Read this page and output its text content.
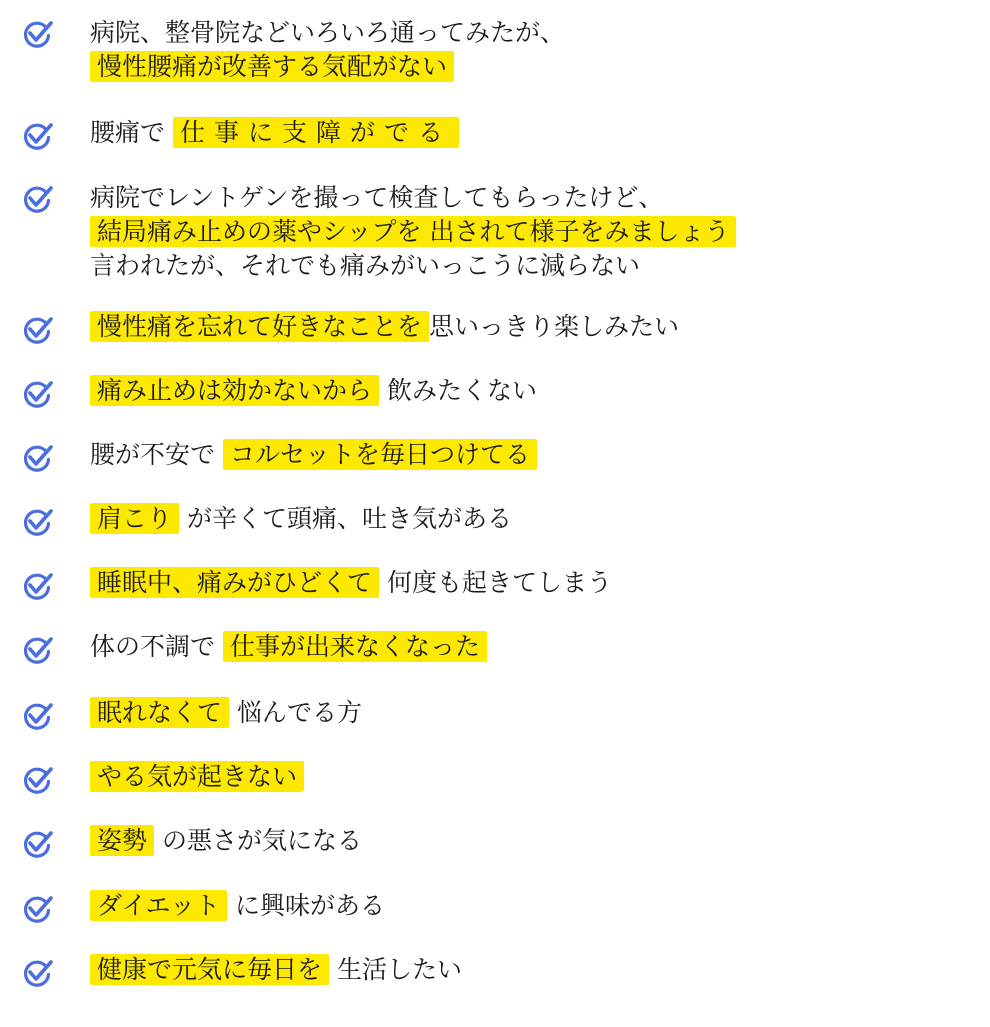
病院、整骨院などいろいろ通ってみたが、
慢性腰痛が改善する気配がない
腰痛で 仕事に支障がでる
病院でレントゲンを撮って検査してもらったけど、
結局痛み止めの薬やシップを 出されて様子をみましょう
言われたが、それでも痛みがいっこうに減らない
慢性痛を忘れて好きなことを 思いっきり楽しみたい
痛み止めは効かないから 飲みたくない
腰が不安で コルセットを毎日つけてる
肩こり が辛くて頭痛、吐き気がある
睡眠中、痛みがひどくて 何度も起きてしまう
体の不調で 仕事が出来なくなった
眠れなくて 悩んでる方
やる気が起きない
姿勢 の悪さが気になる
ダイエット に興味がある
健康で元気に毎日を 生活したい
